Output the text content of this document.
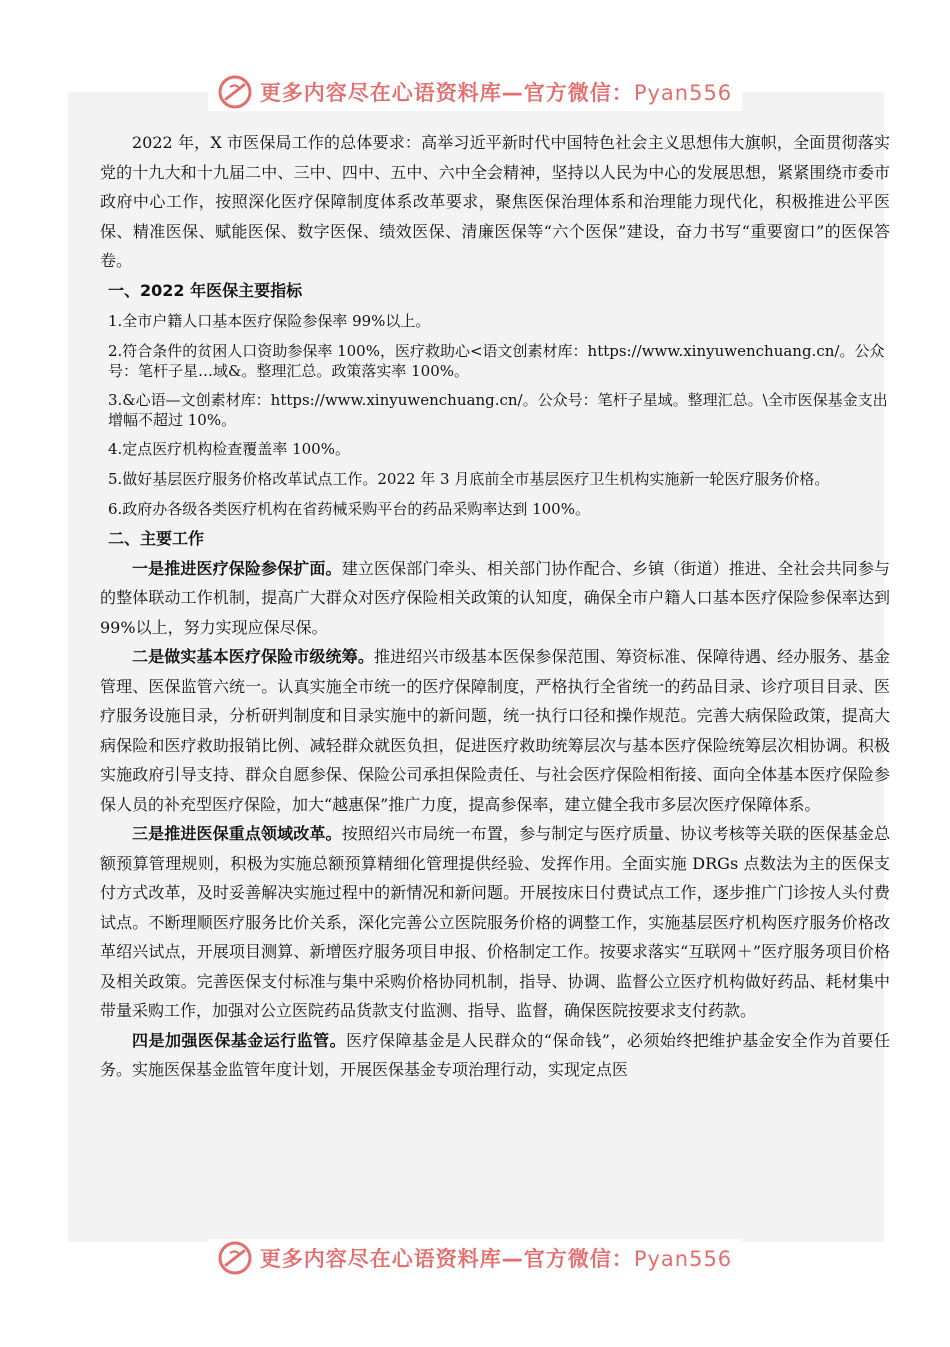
更多内容尽在心语资料库—官方微信：Pyan556

2022 年，X 市医保局工作的总体要求：高举习近平新时代中国特色社会主义思想伟大旗帜，全面贯彻落实党的十九大和十九届二中、三中、四中、五中、六中全会精神，坚持以人民为中心的发展思想，紧紧围绕市委市政府中心工作，按照深化医疗保障制度体系改革要求，聚焦医保治理体系和治理能力现代化，积极推进公平医保、精准医保、赋能医保、数字医保、绩效医保、清廉医保等“六个医保”建设，奋力书写“重要窗口”的医保答卷。

一、2022 年医保主要指标

1.全市户籍人口基本医疗保险参保率 99%以上。

2.符合条件的贫困人口资助参保率 100%，医疗救助心<语文创素材库：https://www.xinyuwenchuang.cn/。公众号：笔杆子星…域&。整理汇总。政策落实率 100%。

3.&心语—文创素材库：https://www.xinyuwenchuang.cn/。公众号：笔杆子星域。整理汇总。\全市医保基金支出增幅不超过 10%。

4.定点医疗机构检查覆盖率 100%。

5.做好基层医疗服务价格改革试点工作。2022 年 3 月底前全市基层医疗卫生机构实施新一轮医疗服务价格。

6.政府办各级各类医疗机构在省药械采购平台的药品采购率达到 100%。

二、主要工作

一是推进医疗保险参保扩面。建立医保部门牵头、相关部门协作配合、乡镇（街道）推进、全社会共同参与的整体联动工作机制，提高广大群众对医疗保险相关政策的认知度，确保全市户籍人口基本医疗保险参保率达到 99%以上，努力实现应保尽保。

二是做实基本医疗保险市级统筹。推进绍兴市级基本医保参保范围、筹资标准、保障待遇、经办服务、基金管理、医保监管六统一。认真实施全市统一的医疗保障制度，严格执行全省统一的药品目录、诊疗项目目录、医疗服务设施目录，分析研判制度和目录实施中的新问题，统一执行口径和操作规范。完善大病保险政策，提高大病保险和医疗救助报销比例、减轻群众就医负担，促进医疗救助统筹层次与基本医疗保险统筹层次相协调。积极实施政府引导支持、群众自愿参保、保险公司承担保险责任、与社会医疗保险相衔接、面向全体基本医疗保险参保人员的补充型医疗保险，加大“越惠保”推广力度，提高参保率，建立健全我市多层次医疗保障体系。

三是推进医保重点领域改革。按照绍兴市局统一布置，参与制定与医疗质量、协议考核等关联的医保基金总额预算管理规则，积极为实施总额预算精细化管理提供经验、发挥作用。全面实施 DRGs 点数法为主的医保支付方式改革，及时妥善解决实施过程中的新情况和新问题。开展按床日付费试点工作，逐步推广门诊按人头付费试点。不断理顺医疗服务比价关系，深化完善公立医院服务价格的调整工作，实施基层医疗机构医疗服务价格改革绍兴试点，开展项目测算、新增医疗服务项目申报、价格制定工作。按要求落实“互联网＋”医疗服务项目价格及相关政策。完善医保支付标准与集中采购价格协同机制，指导、协调、监督公立医疗机构做好药品、耗材集中带量采购工作，加强对公立医院药品货款支付监测、指导、监督，确保医院按要求支付药款。

四是加强医保基金运行监管。医疗保障基金是人民群众的“保命钱”，必须始终把维护基金安全作为首要任务。实施医保基金监管年度计划，开展医保基金专项治理行动，实现定点医

更多内容尽在心语资料库—官方微信：Pyan556
